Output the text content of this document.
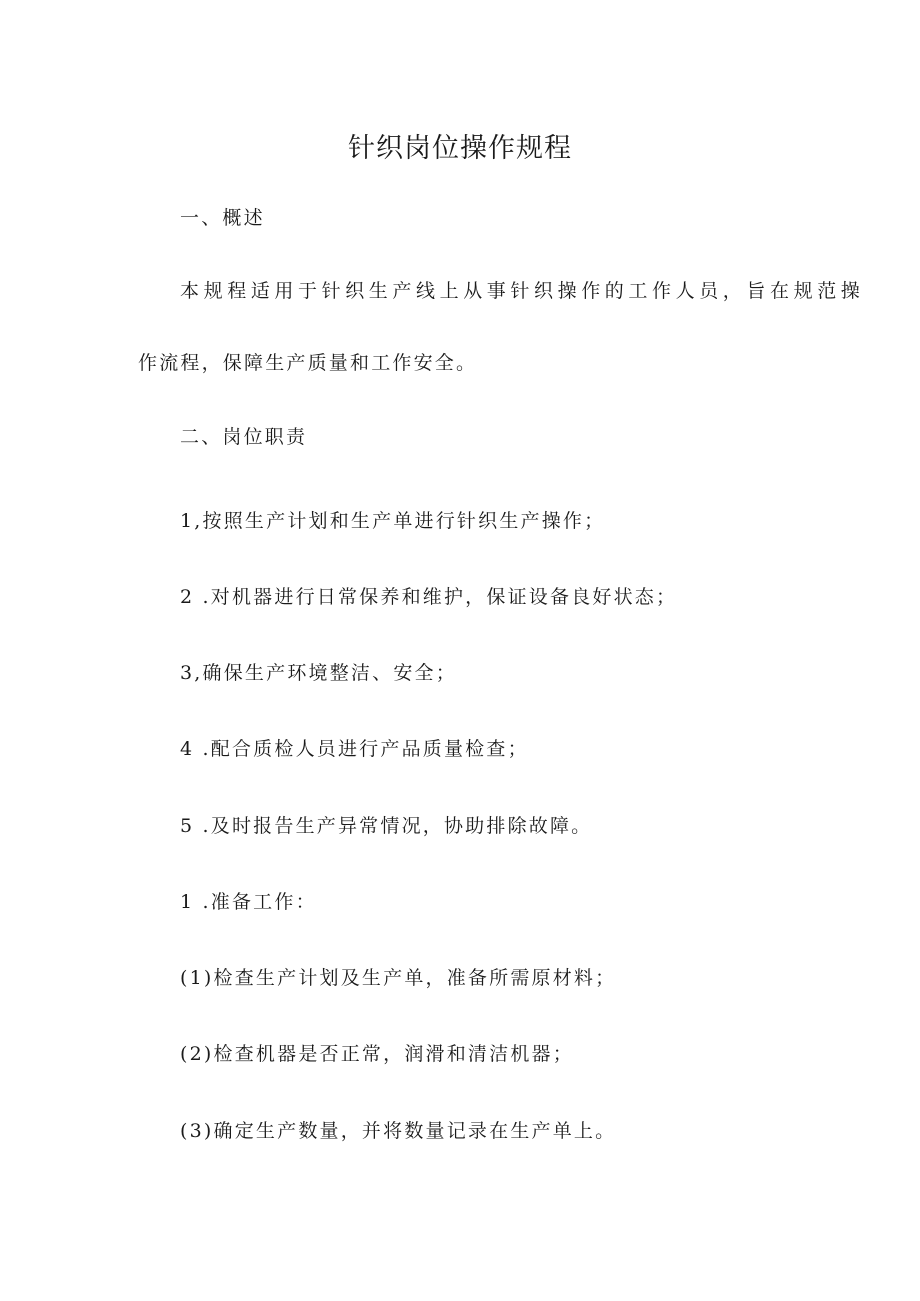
针织岗位操作规程
一、概述
本规程适用于针织生产线上从事针织操作的工作人员，旨在规范操
作流程，保障生产质量和工作安全。
二、岗位职责
1,按照生产计划和生产单进行针织生产操作；
2 .对机器进行日常保养和维护，保证设备良好状态；
3,确保生产环境整洁、安全；
4 .配合质检人员进行产品质量检查；
5 .及时报告生产异常情况，协助排除故障。
1 .准备工作：
(1)检查生产计划及生产单，准备所需原材料；
(2)检查机器是否正常，润滑和清洁机器；
(3)确定生产数量，并将数量记录在生产单上。
